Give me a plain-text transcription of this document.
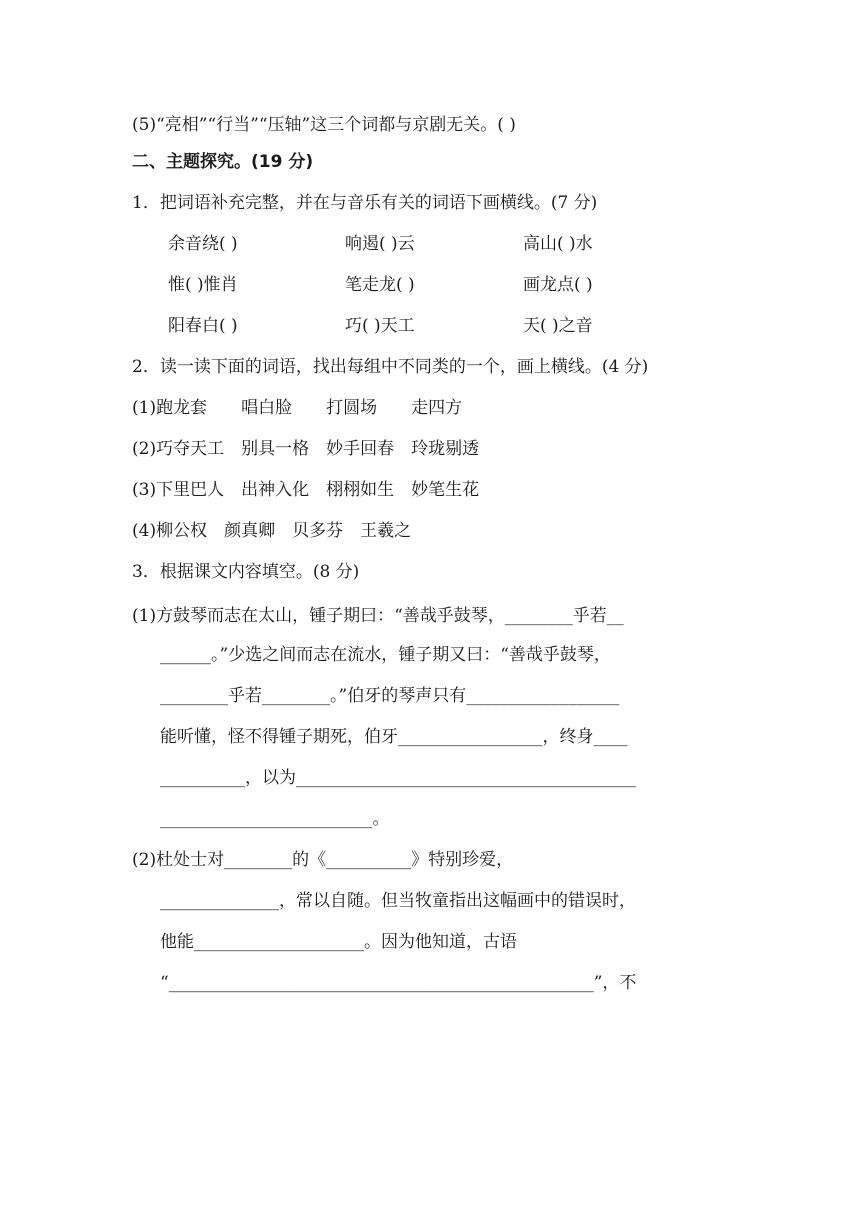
(5)“亮相”“行当”“压轴”这三个词都与京剧无关。( )
二、主题探究。(19 分)
1．把词语补充完整，并在与音乐有关的词语下画横线。(7 分)
余音绕( )	响遏( )云	高山( )水
惟( )惟肖	笔走龙( )	画龙点( )
阳春白( )	巧( )天工	天( )之音
2．读一读下面的词语，找出每组中不同类的一个，画上横线。(4 分)
(1)跑龙套　　唱白脸　　打圆场　　走四方
(2)巧夺天工　别具一格　妙手回春　玲珑剔透
(3)下里巴人　出神入化　栩栩如生　妙笔生花
(4)柳公权　颜真卿　贝多芬　王羲之
3．根据课文内容填空。(8 分)
(1)方鼓琴而志在太山，锺子期曰：“善哉乎鼓琴，________乎若__
______。”少选之间而志在流水，锺子期又曰：“善哉乎鼓琴，
________乎若________。”伯牙的琴声只有__________________
能听懂，怪不得锺子期死，伯牙_________________，终身____
__________，以为________________________________________
_________________________。
(2)杜处士对________的《__________》特别珍爱，
______________，常以自随。但当牧童指出这幅画中的错误时，
他能____________________。因为他知道，古语
“__________________________________________________”，不
